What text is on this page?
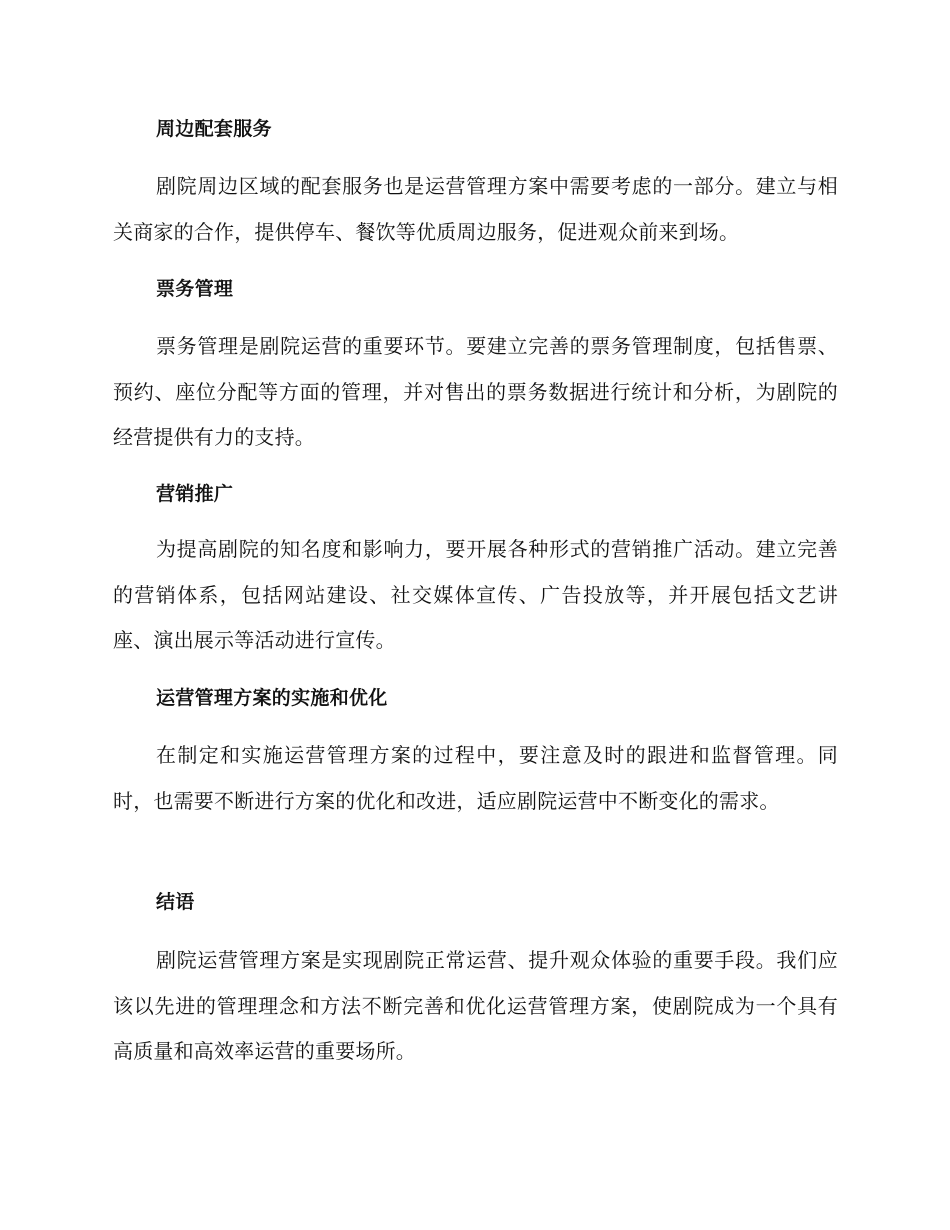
周边配套服务
剧院周边区域的配套服务也是运营管理方案中需要考虑的一部分。建立与相关商家的合作，提供停车、餐饮等优质周边服务，促进观众前来到场。
票务管理
票务管理是剧院运营的重要环节。要建立完善的票务管理制度，包括售票、预约、座位分配等方面的管理，并对售出的票务数据进行统计和分析，为剧院的经营提供有力的支持。
营销推广
为提高剧院的知名度和影响力，要开展各种形式的营销推广活动。建立完善的营销体系，包括网站建设、社交媒体宣传、广告投放等，并开展包括文艺讲座、演出展示等活动进行宣传。
运营管理方案的实施和优化
在制定和实施运营管理方案的过程中，要注意及时的跟进和监督管理。同时，也需要不断进行方案的优化和改进，适应剧院运营中不断变化的需求。
结语
剧院运营管理方案是实现剧院正常运营、提升观众体验的重要手段。我们应该以先进的管理理念和方法不断完善和优化运营管理方案，使剧院成为一个具有高质量和高效率运营的重要场所。
